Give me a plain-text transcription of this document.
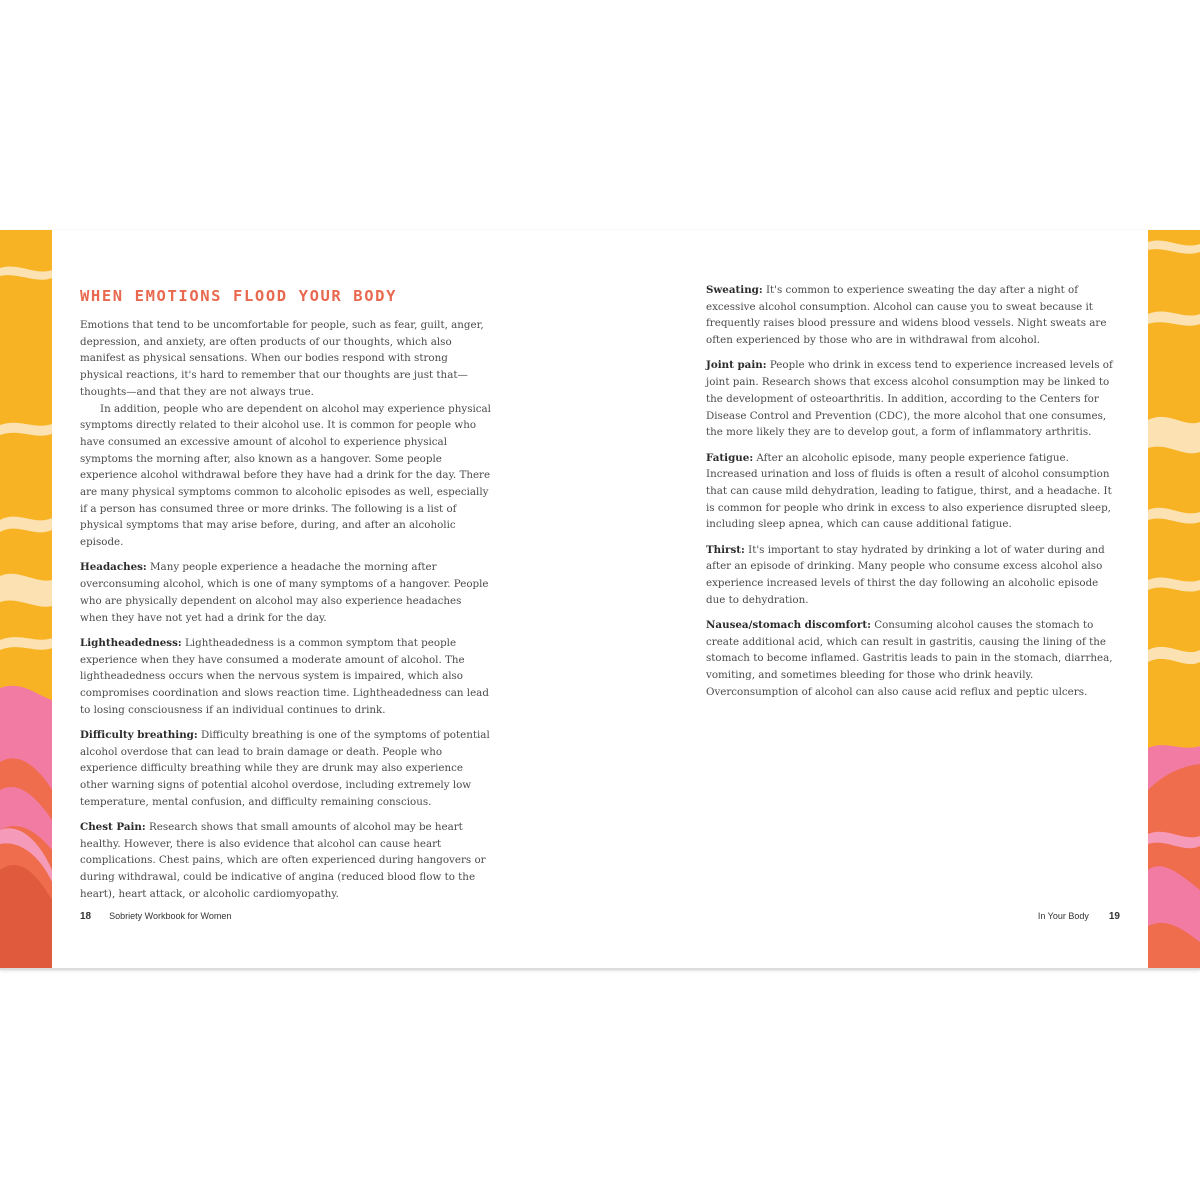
WHEN EMOTIONS FLOOD YOUR BODY

Emotions that tend to be uncomfortable for people, such as fear, guilt, anger, depression, and anxiety, are often products of our thoughts, which also manifest as physical sensations. When our bodies respond with strong physical reactions, it's hard to remember that our thoughts are just that—thoughts—and that they are not always true.

In addition, people who are dependent on alcohol may experience physical symptoms directly related to their alcohol use. It is common for people who have consumed an excessive amount of alcohol to experience physical symptoms the morning after, also known as a hangover. Some people experience alcohol withdrawal before they have had a drink for the day. There are many physical symptoms common to alcoholic episodes as well, especially if a person has consumed three or more drinks. The following is a list of physical symptoms that may arise before, during, and after an alcoholic episode.

Headaches: Many people experience a headache the morning after overconsuming alcohol, which is one of many symptoms of a hangover. People who are physically dependent on alcohol may also experience headaches when they have not yet had a drink for the day.

Lightheadedness: Lightheadedness is a common symptom that people experience when they have consumed a moderate amount of alcohol. The lightheadedness occurs when the nervous system is impaired, which also compromises coordination and slows reaction time. Lightheadedness can lead to losing consciousness if an individual continues to drink.

Difficulty breathing: Difficulty breathing is one of the symptoms of potential alcohol overdose that can lead to brain damage or death. People who experience difficulty breathing while they are drunk may also experience other warning signs of potential alcohol overdose, including extremely low temperature, mental confusion, and difficulty remaining conscious.

Chest Pain: Research shows that small amounts of alcohol may be heart healthy. However, there is also evidence that alcohol can cause heart complications. Chest pains, which are often experienced during hangovers or during withdrawal, could be indicative of angina (reduced blood flow to the heart), heart attack, or alcoholic cardiomyopathy.

18 Sobriety Workbook for Women

Sweating: It's common to experience sweating the day after a night of excessive alcohol consumption. Alcohol can cause you to sweat because it frequently raises blood pressure and widens blood vessels. Night sweats are often experienced by those who are in withdrawal from alcohol.

Joint pain: People who drink in excess tend to experience increased levels of joint pain. Research shows that excess alcohol consumption may be linked to the development of osteoarthritis. In addition, according to the Centers for Disease Control and Prevention (CDC), the more alcohol that one consumes, the more likely they are to develop gout, a form of inflammatory arthritis.

Fatigue: After an alcoholic episode, many people experience fatigue. Increased urination and loss of fluids is often a result of alcohol consumption that can cause mild dehydration, leading to fatigue, thirst, and a headache. It is common for people who drink in excess to also experience disrupted sleep, including sleep apnea, which can cause additional fatigue.

Thirst: It's important to stay hydrated by drinking a lot of water during and after an episode of drinking. Many people who consume excess alcohol also experience increased levels of thirst the day following an alcoholic episode due to dehydration.

Nausea/stomach discomfort: Consuming alcohol causes the stomach to create additional acid, which can result in gastritis, causing the lining of the stomach to become inflamed. Gastritis leads to pain in the stomach, diarrhea, vomiting, and sometimes bleeding for those who drink heavily. Overconsumption of alcohol can also cause acid reflux and peptic ulcers.

In Your Body 19
